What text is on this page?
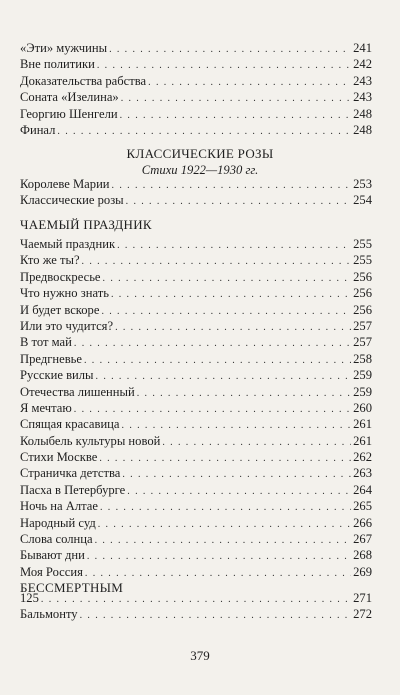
«Эти» мужчины . . .	241
Вне политики . . .	242
Доказательства рабства . . .	243
Соната «Изелина» . . .	243
Георгию Шенгели . . .	248
Финал . . .	248
КЛАССИЧЕСКИЕ РОЗЫ
Стихи 1922—1930 гг.
Королеве Марии . . .	253
Классические розы . . .	254
ЧАЕМЫЙ ПРАЗДНИК
Чаемый праздник . . .	255
Кто же ты? . . .	255
Предвоскресье . . .	256
Что нужно знать . . .	256
И будет вскоре . . .	256
Или это чудится? . . .	257
В тот май . . .	257
Предгневье . . .	258
Русские вилы . . .	259
Отечества лишенный . . .	259
Я мечтаю . . .	260
Спящая красавица . . .	261
Колыбель культуры новой . . .	261
Стихи Москве . . .	262
Страничка детства . . .	263
Пасха в Петербурге . . .	264
Ночь на Алтае . . .	265
Народный суд . . .	266
Слова солнца . . .	267
Бывают дни . . .	268
Моя Россия . . .	269
БЕССМЕРТНЫМ
125 . . .	271
Бальмонту . . .	272
379
